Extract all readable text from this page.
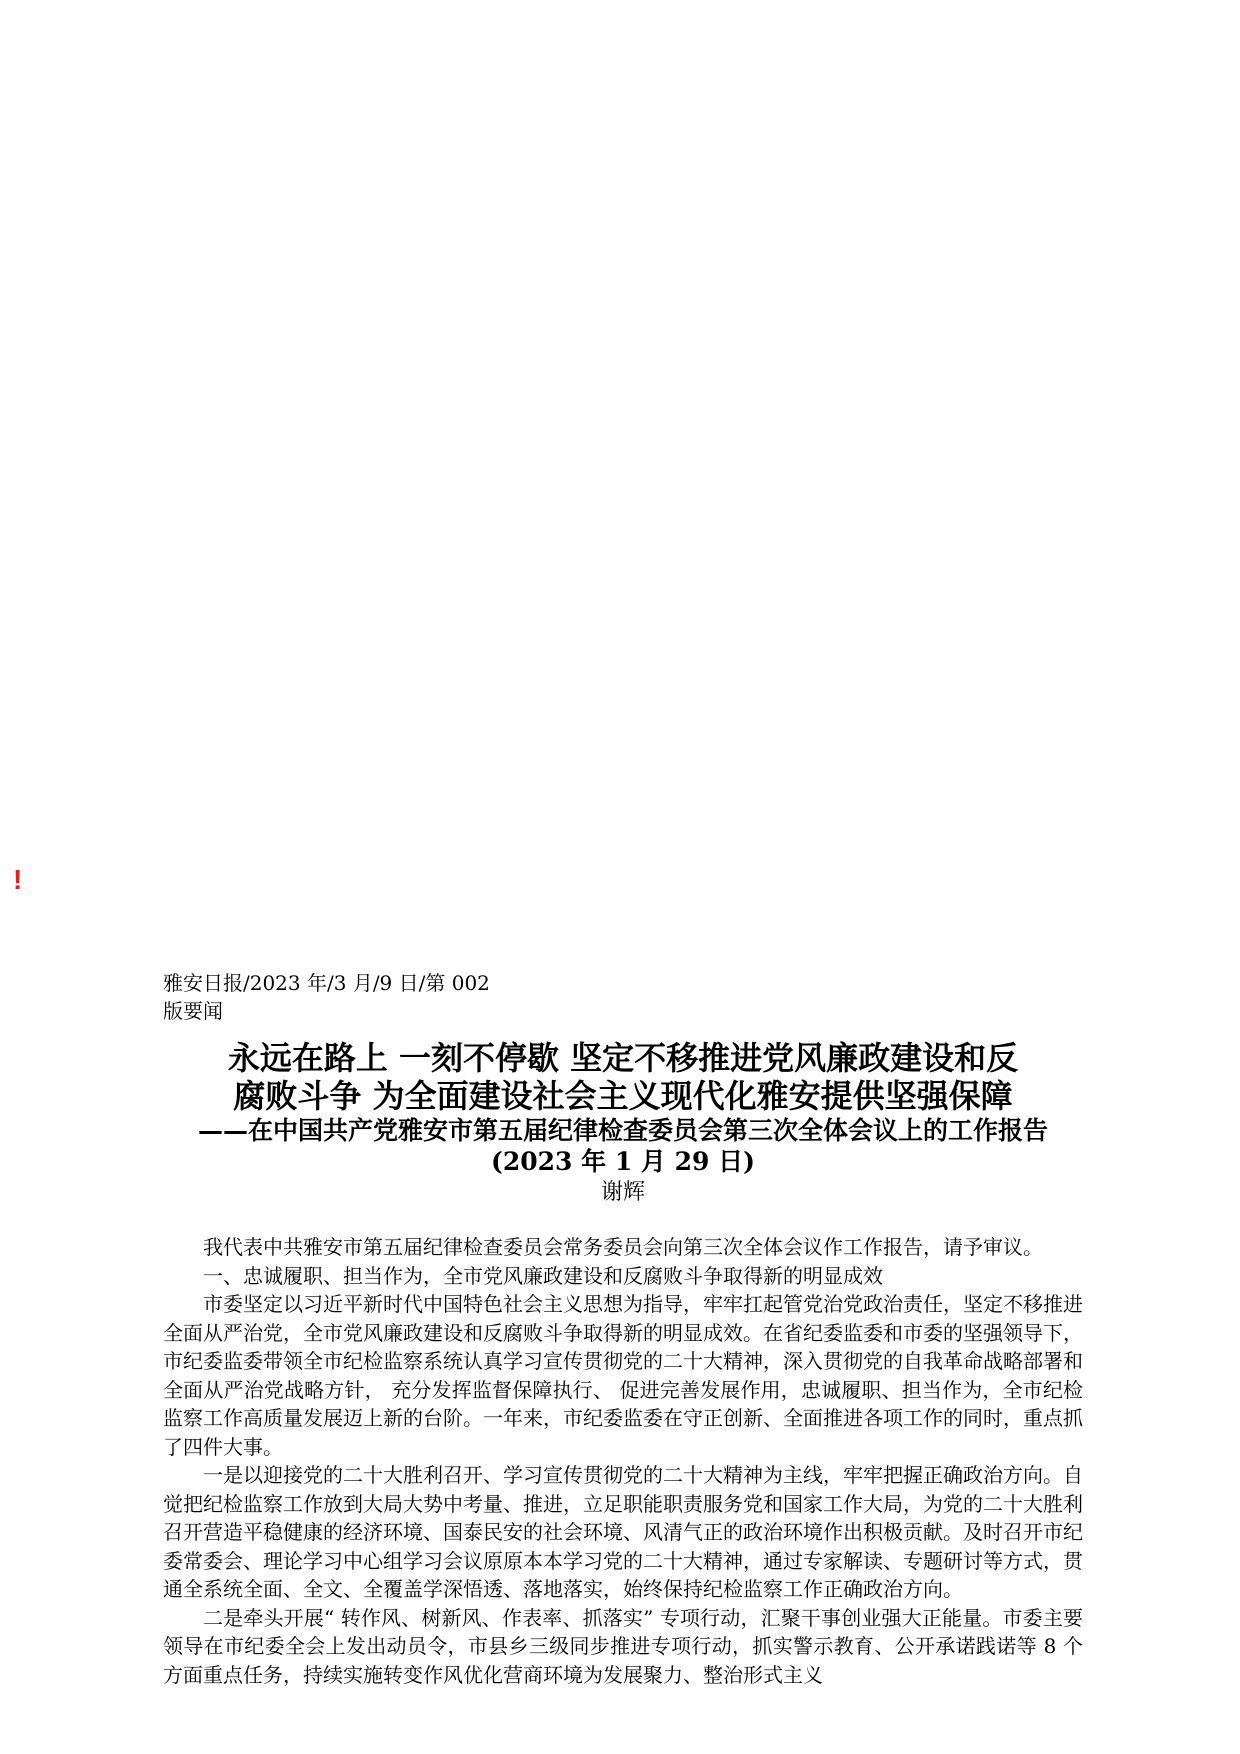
!
雅安日报/2023 年/3 月/9 日/第 002
版要闻
永远在路上 一刻不停歇 坚定不移推进党风廉政建设和反
腐败斗争 为全面建设社会主义现代化雅安提供坚强保障
——在中国共产党雅安市第五届纪律检查委员会第三次全体会议上的工作报告
(2023 年 1 月 29 日)
谢辉

我代表中共雅安市第五届纪律检查委员会常务委员会向第三次全体会议作工作报告，请予审议。

一、忠诚履职、担当作为，全市党风廉政建设和反腐败斗争取得新的明显成效

市委坚定以习近平新时代中国特色社会主义思想为指导，牢牢扛起管党治党政治责任，坚定不移推进全面从严治党，全市党风廉政建设和反腐败斗争取得新的明显成效。在省纪委监委和市委的坚强领导下，市纪委监委带领全市纪检监察系统认真学习宣传贯彻党的二十大精神，深入贯彻党的自我革命战略部署和全面从严治党战略方针， 充分发挥监督保障执行、 促进完善发展作用，忠诚履职、担当作为，全市纪检监察工作高质量发展迈上新的台阶。一年来，市纪委监委在守正创新、全面推进各项工作的同时，重点抓了四件大事。

一是以迎接党的二十大胜利召开、学习宣传贯彻党的二十大精神为主线，牢牢把握正确政治方向。自觉把纪检监察工作放到大局大势中考量、推进，立足职能职责服务党和国家工作大局，为党的二十大胜利召开营造平稳健康的经济环境、国泰民安的社会环境、风清气正的政治环境作出积极贡献。及时召开市纪委常委会、理论学习中心组学习会议原原本本学习党的二十大精神，通过专家解读、专题研讨等方式，贯通全系统全面、全文、全覆盖学深悟透、落地落实，始终保持纪检监察工作正确政治方向。

二是牵头开展“ 转作风、树新风、作表率、抓落实” 专项行动，汇聚干事创业强大正能量。市委主要领导在市纪委全会上发出动员令，市县乡三级同步推进专项行动，抓实警示教育、公开承诺践诺等 8 个方面重点任务，持续实施转变作风优化营商环境为发展聚力、整治形式主义
